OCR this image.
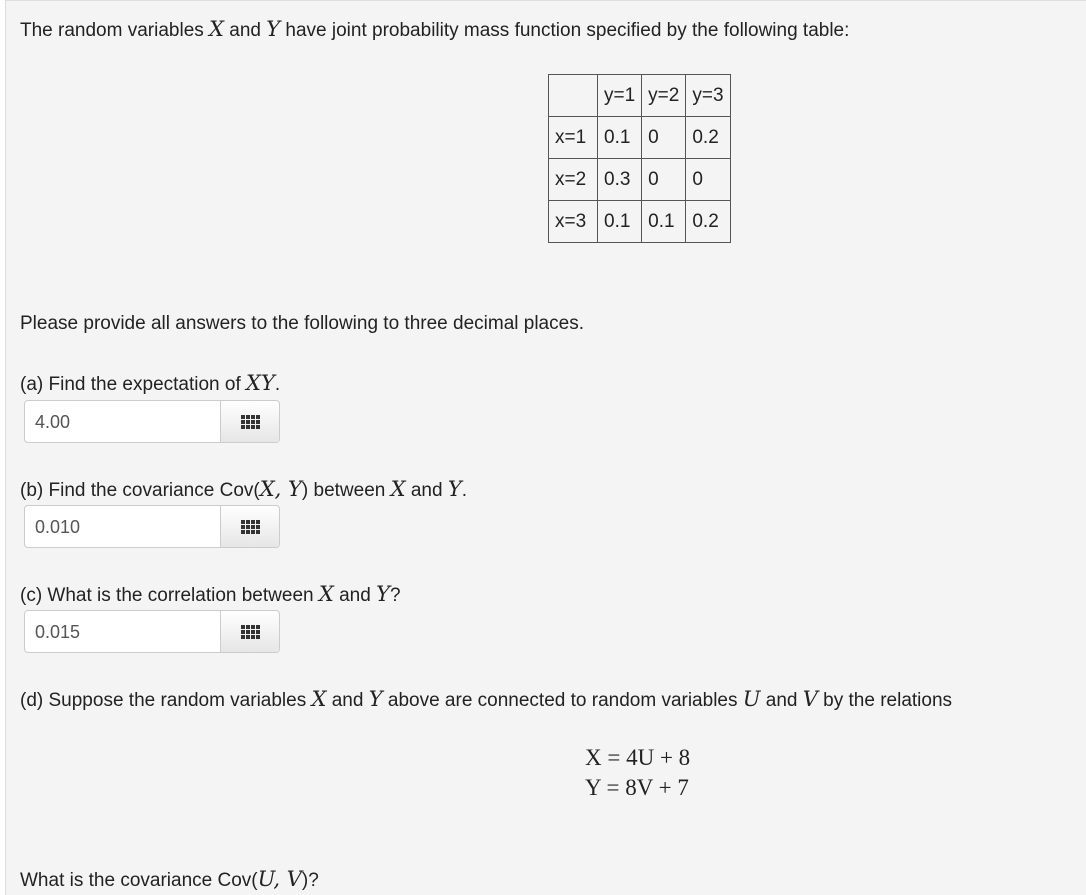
The random variables X and Y have joint probability mass function specified by the following table:
	y=1	y=2	y=3
x=1	0.1	0	0.2
x=2	0.3	0	0
x=3	0.1	0.1	0.2
Please provide all answers to the following to three decimal places.
(a) Find the expectation of XY.
4.00
(b) Find the covariance Cov(X, Y) between X and Y.
0.010
(c) What is the correlation between X and Y?
0.015
(d) Suppose the random variables X and Y above are connected to random variables U and V by the relations
X = 4U + 8
Y = 8V + 7
What is the covariance Cov(U, V)?
